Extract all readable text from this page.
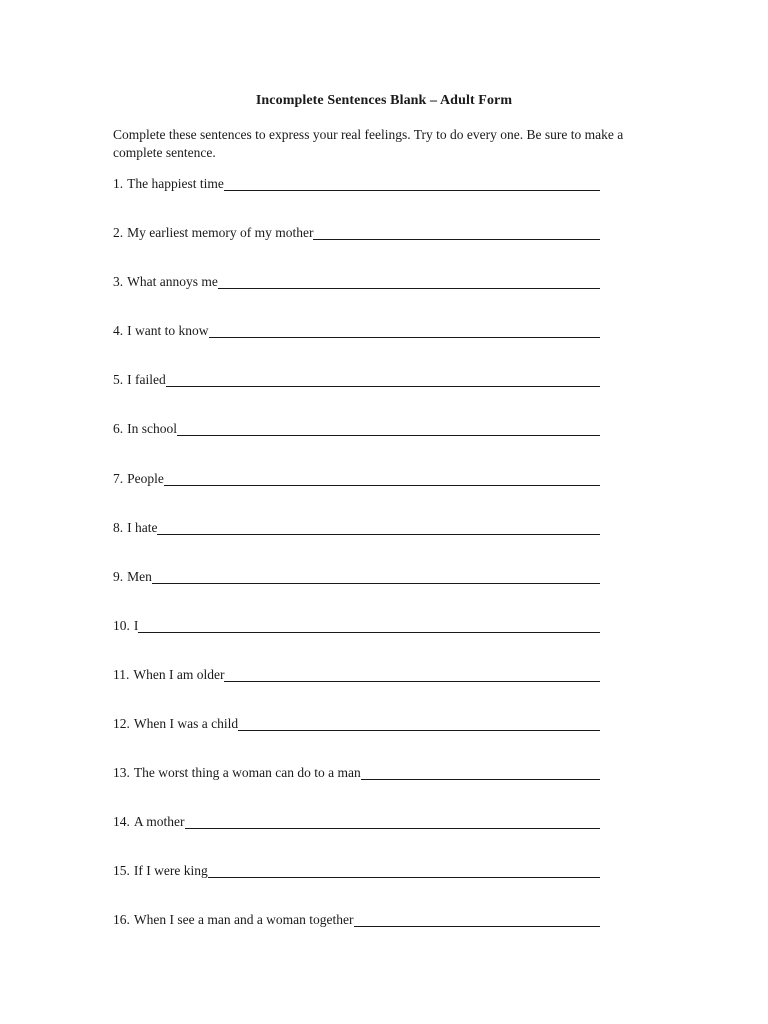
Incomplete Sentences Blank – Adult Form
Complete these sentences to express your real feelings. Try to do every one. Be sure to make a complete sentence.
1. The happiest time
2. My earliest memory of my mother
3. What annoys me
4. I want to know
5. I failed
6. In school
7. People
8. I hate
9. Men
10. I
11. When I am older
12. When I was a child
13. The worst thing a woman can do to a man
14. A mother
15. If I were king
16. When I see a man and a woman together
